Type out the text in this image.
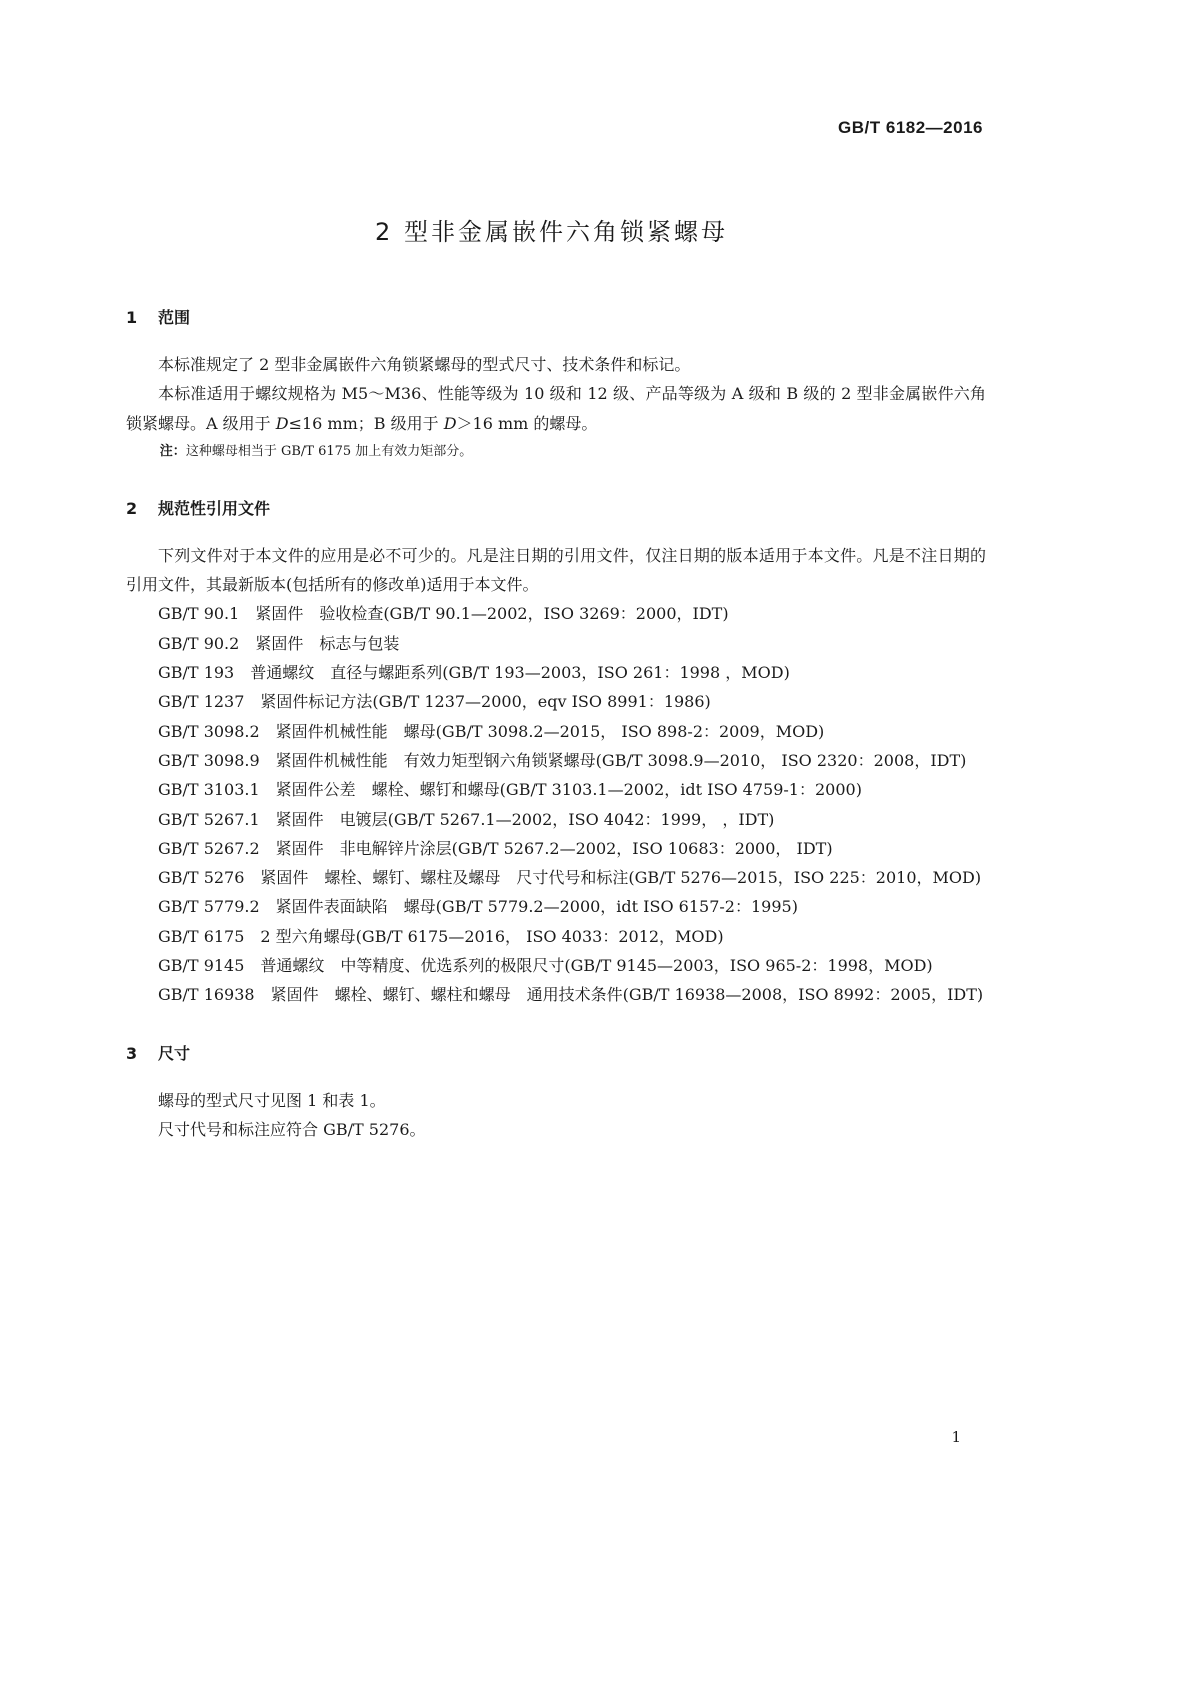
GB/T 6182—2016
2 型非金属嵌件六角锁紧螺母
1 范围

本标准规定了 2 型非金属嵌件六角锁紧螺母的型式尺寸、技术条件和标记。

本标准适用于螺纹规格为 M5～M36、性能等级为 10 级和 12 级、产品等级为 A 级和 B 级的 2 型非金属嵌件六角锁紧螺母。A 级用于 D≤16 mm；B 级用于 D＞16 mm 的螺母。

注：这种螺母相当于 GB/T 6175 加上有效力矩部分。

2 规范性引用文件

下列文件对于本文件的应用是必不可少的。凡是注日期的引用文件，仅注日期的版本适用于本文件。凡是不注日期的引用文件，其最新版本(包括所有的修改单)适用于本文件。

GB/T 90.1 紧固件　验收检查(GB/T 90.1—2002，ISO 3269：2000，IDT)

GB/T 90.2 紧固件　标志与包装

GB/T 193 普通螺纹　直径与螺距系列(GB/T 193—2003，ISO 261：1998 ，MOD)

GB/T 1237 紧固件标记方法(GB/T 1237—2000，eqv ISO 8991：1986)

GB/T 3098.2 紧固件机械性能　螺母(GB/T 3098.2—2015， ISO 898-2：2009，MOD)

GB/T 3098.9 紧固件机械性能　有效力矩型钢六角锁紧螺母(GB/T 3098.9—2010， ISO 2320：2008，IDT)

GB/T 3103.1 紧固件公差　螺栓、螺钉和螺母(GB/T 3103.1—2002，idt ISO 4759-1：2000)

GB/T 5267.1 紧固件　电镀层(GB/T 5267.1—2002，ISO 4042：1999， ，IDT)

GB/T 5267.2 紧固件　非电解锌片涂层(GB/T 5267.2—2002，ISO 10683：2000， IDT)

GB/T 5276 紧固件　螺栓、螺钉、螺柱及螺母　尺寸代号和标注(GB/T 5276—2015，ISO 225：2010，MOD)

GB/T 5779.2 紧固件表面缺陷　螺母(GB/T 5779.2—2000，idt ISO 6157-2：1995)

GB/T 6175 2 型六角螺母(GB/T 6175—2016， ISO 4033：2012，MOD)

GB/T 9145 普通螺纹　中等精度、优选系列的极限尺寸(GB/T 9145—2003，ISO 965-2：1998，MOD)

GB/T 16938 紧固件　螺栓、螺钉、螺柱和螺母　通用技术条件(GB/T 16938—2008，ISO 8992：2005，IDT)

3 尺寸

螺母的型式尺寸见图 1 和表 1。

尺寸代号和标注应符合 GB/T 5276。

1
